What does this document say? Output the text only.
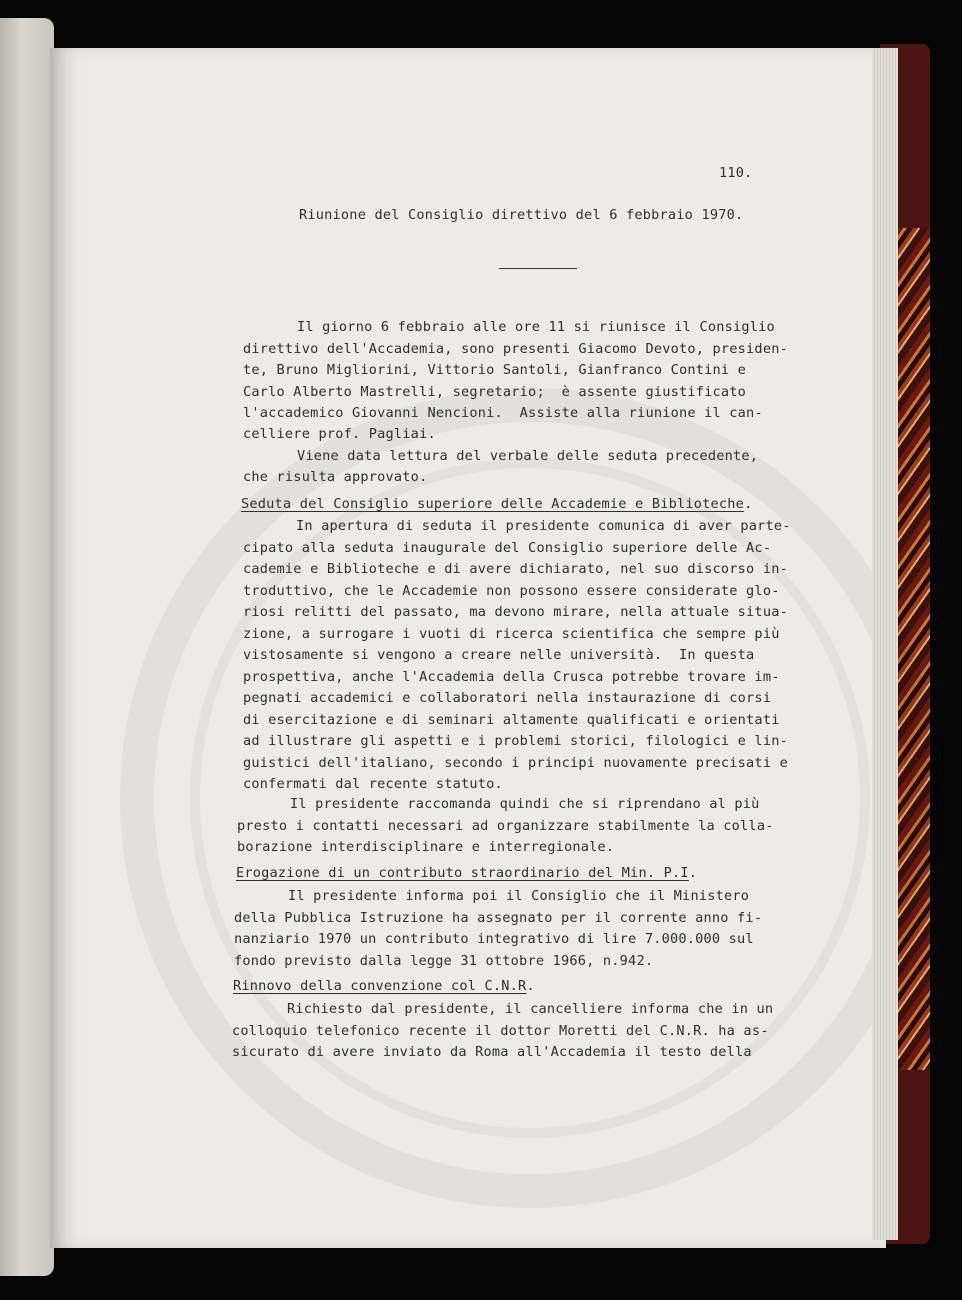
110.
Riunione del Consiglio direttivo del 6 febbraio 1970.
Il giorno 6 febbraio alle ore 11 si riunisce il Consiglio
direttivo dell'Accademia, sono presenti Giacomo Devoto, presiden-
te, Bruno Migliorini, Vittorio Santoli, Gianfranco Contini e
Carlo Alberto Mastrelli, segretario;  è assente giustificato
l'accademico Giovanni Nencioni.  Assiste alla riunione il can-
celliere prof. Pagliai.
Viene data lettura del verbale delle seduta precedente,
che risulta approvato.
Seduta del Consiglio superiore delle Accademie e Biblioteche.
In apertura di seduta il presidente comunica di aver parte-
cipato alla seduta inaugurale del Consiglio superiore delle Ac-
cademie e Biblioteche e di avere dichiarato, nel suo discorso in-
troduttivo, che le Accademie non possono essere considerate glo-
riosi relitti del passato, ma devono mirare, nella attuale situa-
zione, a surrogare i vuoti di ricerca scientifica che sempre più
vistosamente si vengono a creare nelle università.  In questa
prospettiva, anche l'Accademia della Crusca potrebbe trovare im-
pegnati accademici e collaboratori nella instaurazione di corsi
di esercitazione e di seminari altamente qualificati e orientati
ad illustrare gli aspetti e i problemi storici, filologici e lin-
guistici dell'italiano, secondo i principi nuovamente precisati e
confermati dal recente statuto.
Il presidente raccomanda quindi che si riprendano al più
presto i contatti necessari ad organizzare stabilmente la colla-
borazione interdisciplinare e interregionale.
Erogazione di un contributo straordinario del Min. P.I.
Il presidente informa poi il Consiglio che il Ministero
della Pubblica Istruzione ha assegnato per il corrente anno fi-
nanziario 1970 un contributo integrativo di lire 7.000.000 sul
fondo previsto dalla legge 31 ottobre 1966, n.942.
Rinnovo della convenzione col C.N.R.
Richiesto dal presidente, il cancelliere informa che in un
colloquio telefonico recente il dottor Moretti del C.N.R. ha as-
sicurato di avere inviato da Roma all'Accademia il testo della
